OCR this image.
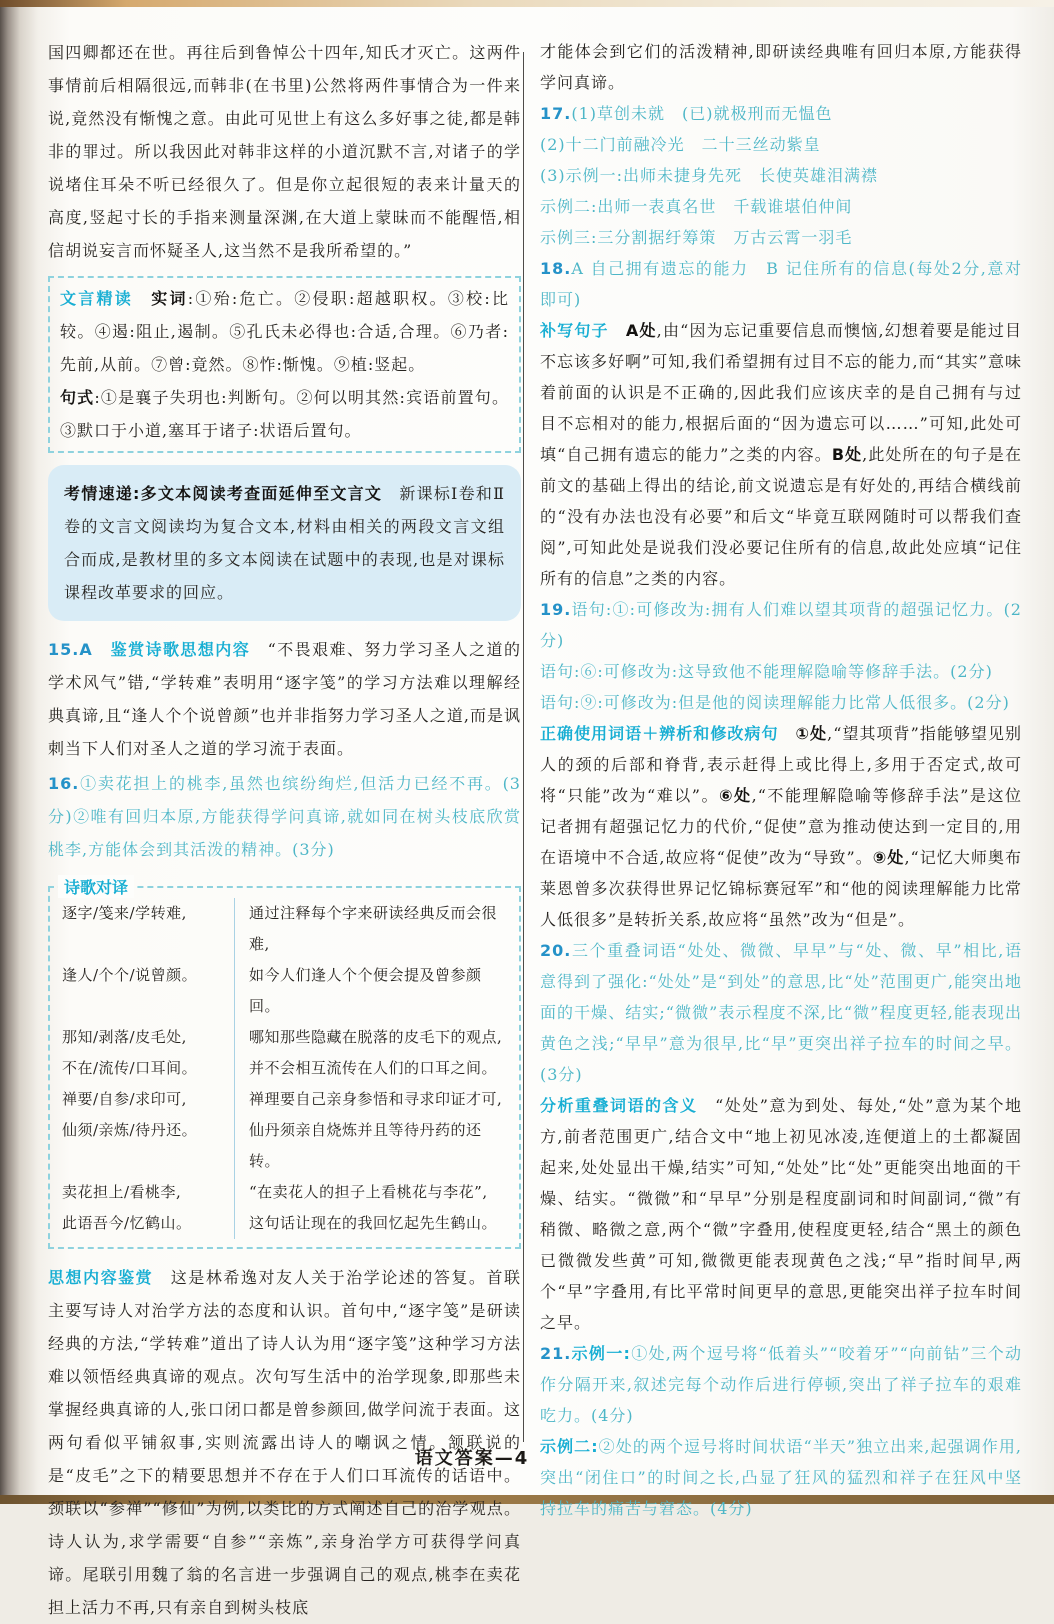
国四卿都还在世。再往后到鲁悼公十四年,知氏才灭亡。这两件事情前后相隔很远,而韩非(在书里)公然将两件事情合为一件来说,竟然没有惭愧之意。由此可见世上有这么多好事之徒,都是韩非的罪过。所以我因此对韩非这样的小道沉默不言,对诸子的学说堵住耳朵不听已经很久了。但是你立起很短的表来计量天的高度,竖起寸长的手指来测量深渊,在大道上蒙昧而不能醒悟,相信胡说妄言而怀疑圣人,这当然不是我所希望的。”

文言精读　 实词:①殆:危亡。②侵职:超越职权。③校:比较。④遏:阻止,遏制。⑤孔氏未必得也:合适,合理。⑥乃者:先前,从前。⑦曾:竟然。⑧怍:惭愧。⑨植:竖起。

句式:①是襄子失玥也:判断句。②何以明其然:宾语前置句。③默口于小道,塞耳于诸子:状语后置句。

考情速递:多文本阅读考查面延伸至文言文　新课标Ⅰ卷和Ⅱ卷的文言文阅读均为复合文本,材料由相关的两段文言文组合而成,是教材里的多文本阅读在试题中的表现,也是对课标课程改革要求的回应。

15.A　 鉴赏诗歌思想内容　 “不畏艰难、努力学习圣人之道的学术风气”错,“学转难”表明用“逐字笺”的学习方法难以理解经典真谛,且“逢人个个说曾颜”也并非指努力学习圣人之道,而是讽刺当下人们对圣人之道的学习流于表面。

16.①卖花担上的桃李,虽然也缤纷绚烂,但活力已经不再。(3分)②唯有回归本原,方能获得学问真谛,就如同在树头枝底欣赏桃李,方能体会到其活泼的精神。(3分)

诗歌对译
逐字/笺来/学转难,	通过注释每个字来研读经典反而会很难,
逢人/个个/说曾颜。	如今人们逢人个个便会提及曾参颜回。
那知/剥落/皮毛处,	哪知那些隐藏在脱落的皮毛下的观点,
不在/流传/口耳间。	并不会相互流传在人们的口耳之间。
禅要/自参/求印可,	禅理要自己亲身参悟和寻求印证才可,
仙须/亲炼/待丹还。	仙丹须亲自烧炼并且等待丹药的还转。
卖花担上/看桃李,	“在卖花人的担子上看桃花与李花”,
此语吾今/忆鹤山。	这句话让现在的我回忆起先生鹤山。

思想内容鉴赏　这是林希逸对友人关于治学论述的答复。首联主要写诗人对治学方法的态度和认识。首句中,“逐字笺”是研读经典的方法,“学转难”道出了诗人认为用“逐字笺”这种学习方法难以领悟经典真谛的观点。次句写生活中的治学现象,即那些未掌握经典真谛的人,张口闭口都是曾参颜回,做学问流于表面。这两句看似平铺叙事,实则流露出诗人的嘲讽之情。颔联说的是“皮毛”之下的精要思想并不存在于人们口耳流传的话语中。颈联以“参禅”“修仙”为例,以类比的方式阐述自己的治学观点。诗人认为,求学需要“自参”“亲炼”,亲身治学方可获得学问真谛。尾联引用魏了翁的名言进一步强调自己的观点,桃李在卖花担上活力不再,只有亲自到树头枝底

才能体会到它们的活泼精神,即研读经典唯有回归本原,方能获得学问真谛。

17.(1)草创未就　(已)就极刑而无愠色

(2)十二门前融冷光　二十三丝动紫皇

(3)示例一:出师未捷身先死　长使英雄泪满襟

示例二:出师一表真名世　千载谁堪伯仲间

示例三:三分割据纡筹策　万古云霄一羽毛

18.A 自己拥有遗忘的能力　B 记住所有的信息(每处2分,意对即可)

补写句子　A处,由“因为忘记重要信息而懊恼,幻想着要是能过目不忘该多好啊”可知,我们希望拥有过目不忘的能力,而“其实”意味着前面的认识是不正确的,因此我们应该庆幸的是自己拥有与过目不忘相对的能力,根据后面的“因为遗忘可以……”可知,此处可填“自己拥有遗忘的能力”之类的内容。B处,此处所在的句子是在前文的基础上得出的结论,前文说遗忘是有好处的,再结合横线前的“没有办法也没有必要”和后文“毕竟互联网随时可以帮我们查阅”,可知此处是说我们没必要记住所有的信息,故此处应填“记住所有的信息”之类的内容。

19.语句:①:可修改为:拥有人们难以望其项背的超强记忆力。(2分)

语句:⑥:可修改为:这导致他不能理解隐喻等修辞手法。(2分)

语句:⑨:可修改为:但是他的阅读理解能力比常人低很多。(2分)

正确使用词语＋辨析和修改病句　①处,“望其项背”指能够望见别人的颈的后部和脊背,表示赶得上或比得上,多用于否定式,故可将“只能”改为“难以”。⑥处,“不能理解隐喻等修辞手法”是这位记者拥有超强记忆力的代价,“促使”意为推动使达到一定目的,用在语境中不合适,故应将“促使”改为“导致”。⑨处,“记忆大师奥布莱恩曾多次获得世界记忆锦标赛冠军”和“他的阅读理解能力比常人低很多”是转折关系,故应将“虽然”改为“但是”。

20.三个重叠词语“处处、微微、早早”与“处、微、早”相比,语意得到了强化:“处处”是“到处”的意思,比“处”范围更广,能突出地面的干燥、结实;“微微”表示程度不深,比“微”程度更轻,能表现出黄色之浅;“早早”意为很早,比“早”更突出祥子拉车的时间之早。(3分)

分析重叠词语的含义　“处处”意为到处、每处,“处”意为某个地方,前者范围更广,结合文中“地上初见冰凌,连便道上的土都凝固起来,处处显出干燥,结实”可知,“处处”比“处”更能突出地面的干燥、结实。“微微”和“早早”分别是程度副词和时间副词,“微”有稍微、略微之意,两个“微”字叠用,使程度更轻,结合“黑土的颜色已微微发些黄”可知,微微更能表现黄色之浅;“早”指时间早,两个“早”字叠用,有比平常时间更早的意思,更能突出祥子拉车时间之早。

21.示例一:①处,两个逗号将“低着头”“咬着牙”“向前钻”三个动作分隔开来,叙述完每个动作后进行停顿,突出了祥子拉车的艰难吃力。(4分)

示例二:②处的两个逗号将时间状语“半天”独立出来,起强调作用,突出“闭住口”的时间之长,凸显了狂风的猛烈和祥子在狂风中坚持拉车的痛苦与窘态。(4分)

语文答案—4
